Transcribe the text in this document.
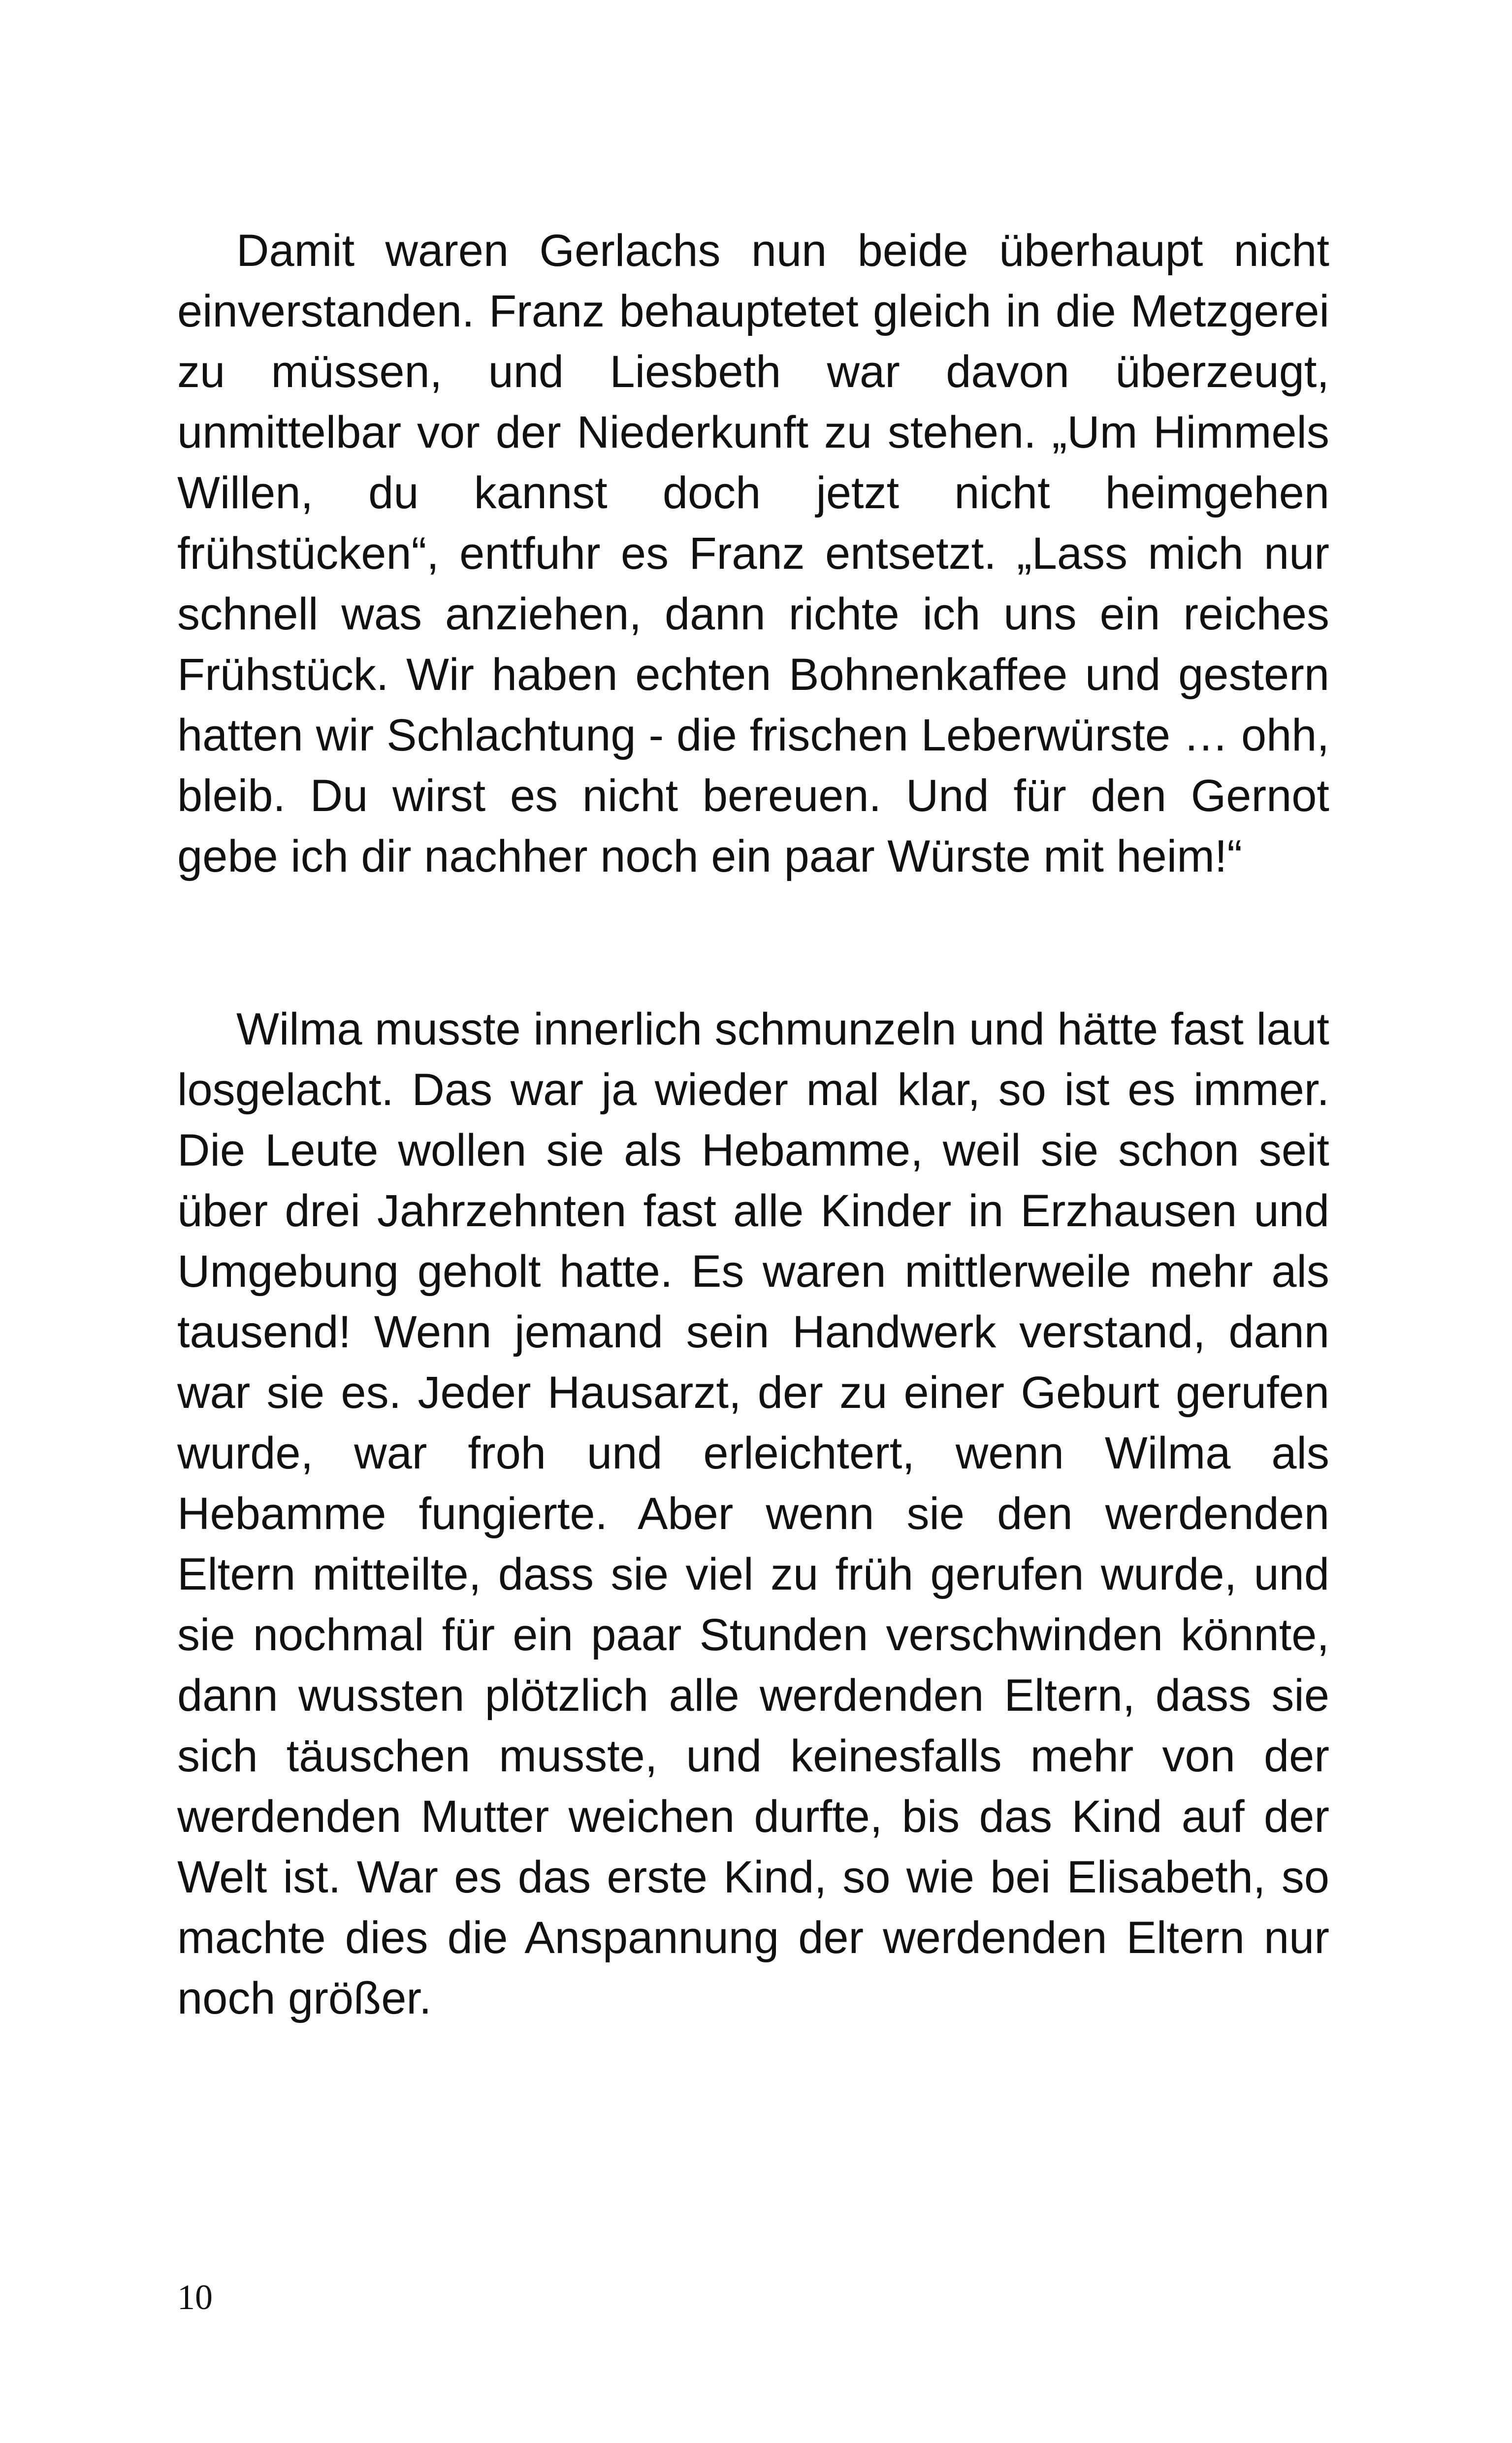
Damit waren Gerlachs nun beide überhaupt nicht einverstanden. Franz behauptetet gleich in die Metzgerei zu müssen, und Liesbeth war davon überzeugt, unmittelbar vor der Niederkunft zu stehen. „Um Himmels Willen, du kannst doch jetzt nicht heimgehen frühstücken“, entfuhr es Franz entsetzt. „Lass mich nur schnell was anziehen, dann richte ich uns ein reiches Frühstück. Wir haben echten Bohnenkaffee und gestern hatten wir Schlachtung - die frischen Leberwürste … ohh, bleib. Du wirst es nicht bereuen. Und für den Gernot gebe ich dir nachher noch ein paar Würste mit heim!“

Wilma musste innerlich schmunzeln und hätte fast laut losgelacht. Das war ja wieder mal klar, so ist es immer. Die Leute wollen sie als Hebamme, weil sie schon seit über drei Jahrzehnten fast alle Kinder in Erzhausen und Umgebung geholt hatte. Es waren mittlerweile mehr als tausend! Wenn jemand sein Handwerk verstand, dann war sie es. Jeder Hausarzt, der zu einer Geburt gerufen wurde, war froh und erleichtert, wenn Wilma als Hebamme fungierte. Aber wenn sie den werdenden Eltern mitteilte, dass sie viel zu früh gerufen wurde, und sie nochmal für ein paar Stunden verschwinden könnte, dann wussten plötzlich alle werdenden Eltern, dass sie sich täuschen musste, und keinesfalls mehr von der werdenden Mutter weichen durfte, bis das Kind auf der Welt ist. War es das erste Kind, so wie bei Elisabeth, so machte dies die Anspannung der werdenden Eltern nur noch größer.

10
